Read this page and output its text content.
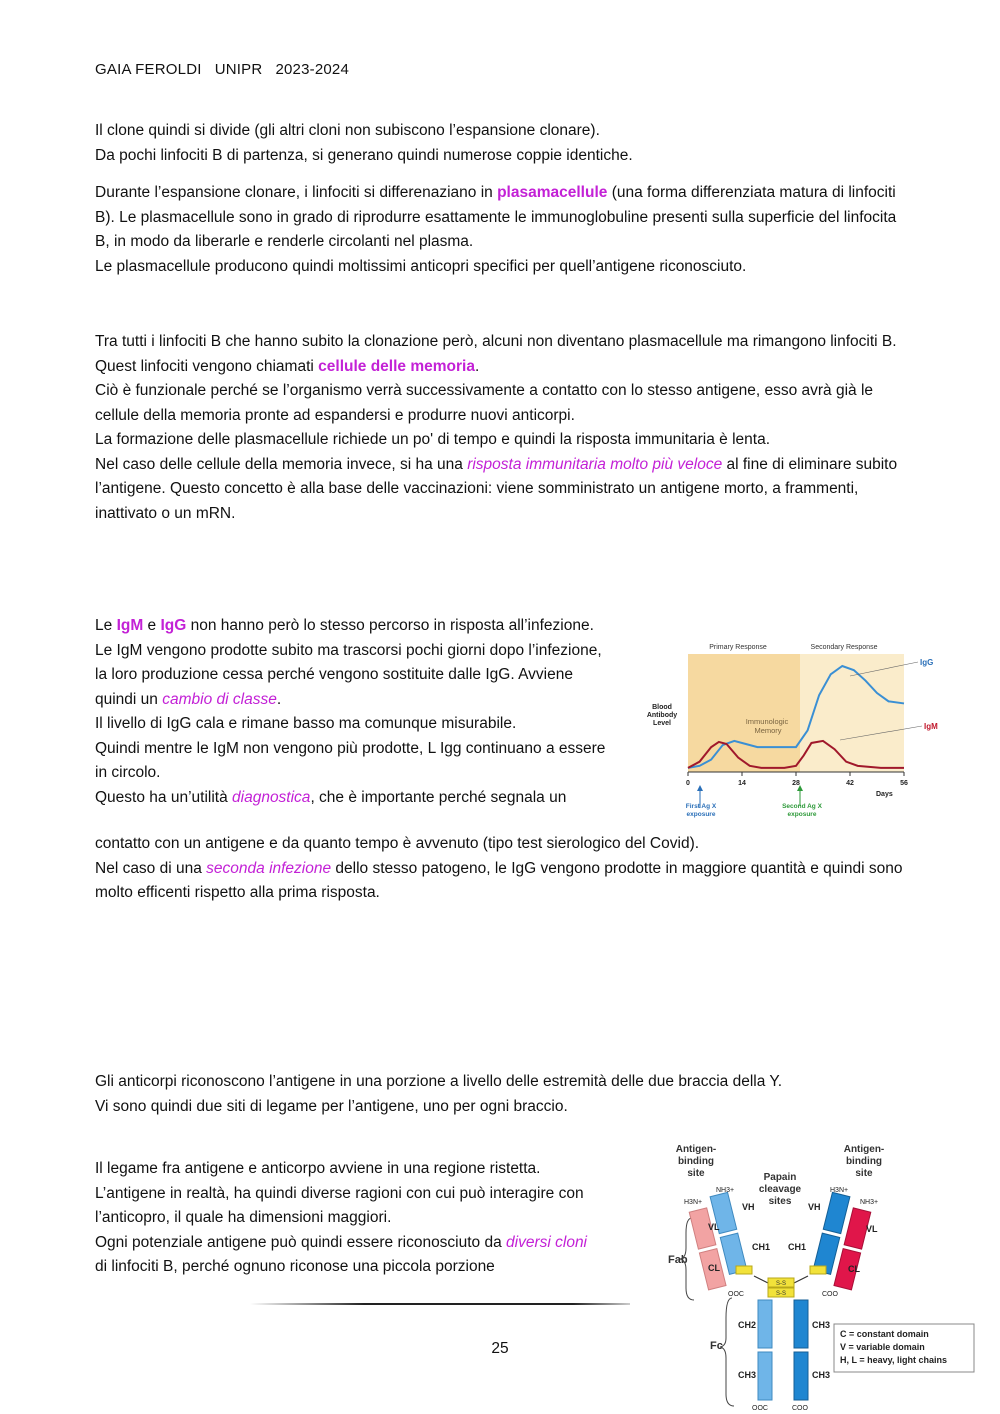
GAIA FEROLDI   UNIPR   2023-2024

Il clone quindi si divide (gli altri cloni non subiscono l’espansione clonare).

Da pochi linfociti B di partenza, si generano quindi numerose coppie identiche.

Durante l’espansione clonare, i linfociti si differenaziano in plasamacellule (una forma differenziata matura di linfociti B). Le plasmacellule sono in grado di riprodurre esattamente le immunoglobuline presenti sulla superficie del linfocita B, in modo da liberarle e renderle circolanti nel plasma.

Le plasmacellule producono quindi moltissimi anticopri specifici per quell’antigene riconosciuto.

Tra tutti i linfociti B che hanno subito la clonazione però, alcuni non diventano plasmacellule ma rimangono linfociti B. Quest linfociti vengono chiamati cellule delle memoria.

Ciò è funzionale perché se l’organismo verrà successivamente a contatto con lo stesso antigene, esso avrà già le cellule della memoria pronte ad espandersi e produrre nuovi anticorpi.

La formazione delle plasmacellule richiede un po' di tempo e quindi la risposta immunitaria è lenta.

Nel caso delle cellule della memoria invece, si ha una risposta immunitaria molto più veloce al fine di eliminare subito l’antigene. Questo concetto è alla base delle vaccinazioni: viene somministrato un antigene morto, a frammenti, inattivato o un mRN.

Le IgM e IgG non hanno però lo stesso percorso in risposta all’infezione.

Le IgM vengono prodotte subito ma trascorsi pochi giorni dopo l’infezione, la loro produzione cessa perché vengono sostituite dalle IgG. Avviene quindi un cambio di classe.

Il livello di IgG cala e rimane basso ma comunque misurabile.

Quindi mentre le IgM non vengono più prodotte, L Igg continuano a essere in circolo.

Questo ha un’utilità diagnostica, che è importante perché segnala un

contatto con un antigene e da quanto tempo è avvenuto (tipo test sierologico del Covid).

Nel caso di una seconda infezione dello stesso patogeno, le IgG vengono prodotte in maggiore quantità e quindi sono molto efficenti rispetto alla prima risposta.

Primary Response	Secondary Response
Immunologic Memory
Blood Antibody Level
0	14	28	42	56
Days
IgG
IgM
First Ag X exposure
Second Ag X exposure

Gli anticorpi riconoscono l’antigene in una porzione a livello delle estremità delle due braccia della Y.

Vi sono quindi due siti di legame per l’antigene, uno per ogni braccio.

Il legame fra antigene e anticorpo avviene in una regione ristetta.

L’antigene in realtà, ha quindi diverse ragioni con cui può interagire con l’anticopro, il quale ha dimensioni maggiori.

Ogni potenziale antigene può quindi essere riconosciuto da diversi cloni di linfociti B, perché ognuno riconose una piccola porzione

Antigen-binding site
Antigen-binding site
Papain cleavage sites
Fab
Fc
S-S
S-S
VL
VH
CL
CH1 CH1
VH
VL
CL
CH2
CH3
CH3
CH3
H3N+
NH3+	H3N+
NH3+
OOC	COO
OOC	COO
C = constant domain
V = variable domain
H, L = heavy, light chains
25
